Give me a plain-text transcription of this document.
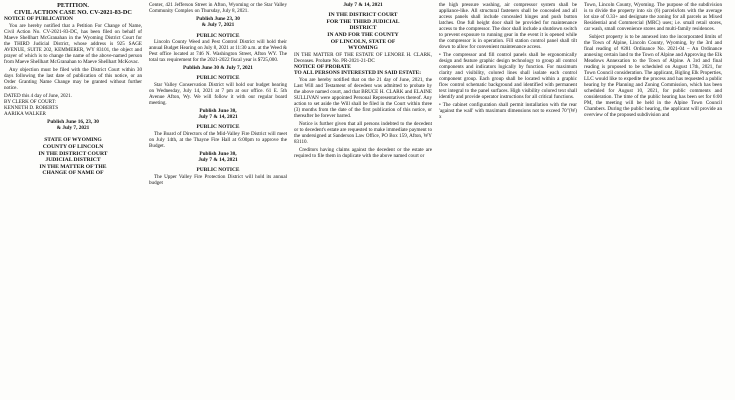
PETITION.

CIVIL ACTION CASE NO. CV-2021-83-DC

NOTICE OF PUBLICATION

You are hereby notified that a Petition For Change of Name, Civil Action No. CV-2021-83-DC, has been filed on behalf of Maeve Shellhart McGranahan in the Wyoming District Court for the THIRD Judicial District, whose address is 925 SAGE AVENUE, SUITE 202, KEMMERER, WY 83101, the object and prayer of which is to change the name of the above-named person from Maeve Shellhart McGranahan to Maeve Shellhart McKovac.

Any objection must be filed with the District Court within 30 days following the last date of publication of this notice, or an Order Granting Name Change may be granted without further notice.

DATED this 4 day of June, 2021.

BY CLERK OF COURT:

KENNETH D. ROBERTS

AARIKA WALKER

Publish June 16, 23, 30

& July 7, 2021

STATE OF WYOMING

COUNTY OF LINCOLN

IN THE DISTRICT COURT

JUDICIAL DISTRICT

IN THE MATTER OF THE

CHANGE OF NAME OF

Center, 421 Jefferson Street in Afton, Wyoming or the Star Valley Community Complex on Thursday, July 8, 2021.

Publish June 23, 30

& July 7, 2021

PUBLIC NOTICE

Lincoln County Weed and Pest Control District will hold their annual Budget Hearing on July 8, 2021 at 11:30 a.m. at the Weed & Pest office located at 746 N. Washington Street, Afton WY. The total tax requirement for the 2021-2022 fiscal year is $725,000.

Publish June 30 & July 7, 2021

PUBLIC NOTICE

Star Valley Conservation District will hold our budget hearing on Wednesday, July 14, 2021 at 7 pm at our office. 61 E. 5th Avenue Afton, Wy. We will follow it with our regular board meeting.

Publish June 30,

July 7 & 14, 2021

PUBLIC NOTICE

The Board of Directors of the Mid-Valley Fire District will meet on July 14th, at the Thayne Fire Hall at 6:00pm to approve the Budget.

Publish June 30,

July 7 & 14, 2021

PUBLIC NOTICE

The Upper Valley Fire Protection District will hold its annual budget

July 7 & 14, 2021

IN THE DISTRICT COURT

FOR THE THIRD JUDICIAL

DISTRICT

IN AND FOR THE COUNTY

OF LINCOLN, STATE OF

WYOMING

IN THE MATTER OF THE ESTATE OF LENORE H. CLARK, Deceases. Probate No. PR-2021-21-DC

NOTICE OF PROBATE

TO ALL PERSONS INTERESTED IN SAID ESTATE:

You are hereby notified that on the 21 day of June, 2021, the Last Will and Testament of decedent was admitted to probate by the above named court, and that BRUCE H. CLARK and ELAINE SULLIVAN were appointed Personal Representatives thereof. Any action to set aside the Will shall be filed in the Court within three (3) months from the date of the first publication of this notice, or thereafter be forever barred.

Notice is further given that all persons indebted to the decedent or to decedent's estate are requested to make immediate payment to the undersigned at Sanderson Law Office, PO Box 159, Afton, WY 83110.

Creditors having claims against the decedent or the estate are required to file them in duplicate with the above named court or

the high pressure washing, air compressor system shall be appliance-like. All structural fasteners shall be concealed and all access panels shall include concealed hinges and push button latches. One full height door shall be provided for maintenance access to the compressor. The door shall include a shutdown switch to prevent exposure to running gear in the event it is opened while the compressor is in operation. Fill station control panel shall tilt down to allow for convenient maintenance access.

• The compressor and fill control panels shall be ergonomically design and feature graphic design technology to group all control components and indicators logically by function. For maximum clarity and visibility, colored lines shall isolate each control component group. Each group shall be located within a graphic flow control schematic background and identified with permanent text integral to the panel surfaces. High visibility colored text shall identify and provide operator instructions for all critical functions.

• The cabinet configuration shall permit installation with the rear 'against the wall' with maximum dimensions not to exceed 70"(W) x

Town, Lincoln County, Wyoming. The purpose of the subdivision is to divide the property into six (6) parcels/lots with the average lot size of 0.33+ and designate the zoning for all parcels as Mixed Residential and Commercial (MRC) uses; i.e. small retail stores, car wash, small convenience stores and multi-family residences.

Subject property is to be annexed into the incorporated limits of the Town of Alpine, Lincoln County, Wyoming, by the 3rd and final reading of #281 Ordinance No. 2021-04 – An Ordinance annexing certain land to the Town of Alpine and Approving the Elk Meadows Annexation to the Town of Alpine. A 3rd and final reading is proposed to be scheduled on August 17th, 2021, for Town Council consideration. The applicant, Bigling Elk Properties, LLC would like to expedite the process and has requested a public hearing by the Planning and Zoning Commission, which has been scheduled for August 10, 2021, for public comments and consideration. The time of the public hearing has been set for 6:00 PM, the meeting will be held in the Alpine Town Council Chambers. During the public hearing, the applicant will provide an overview of the proposed subdivision and
